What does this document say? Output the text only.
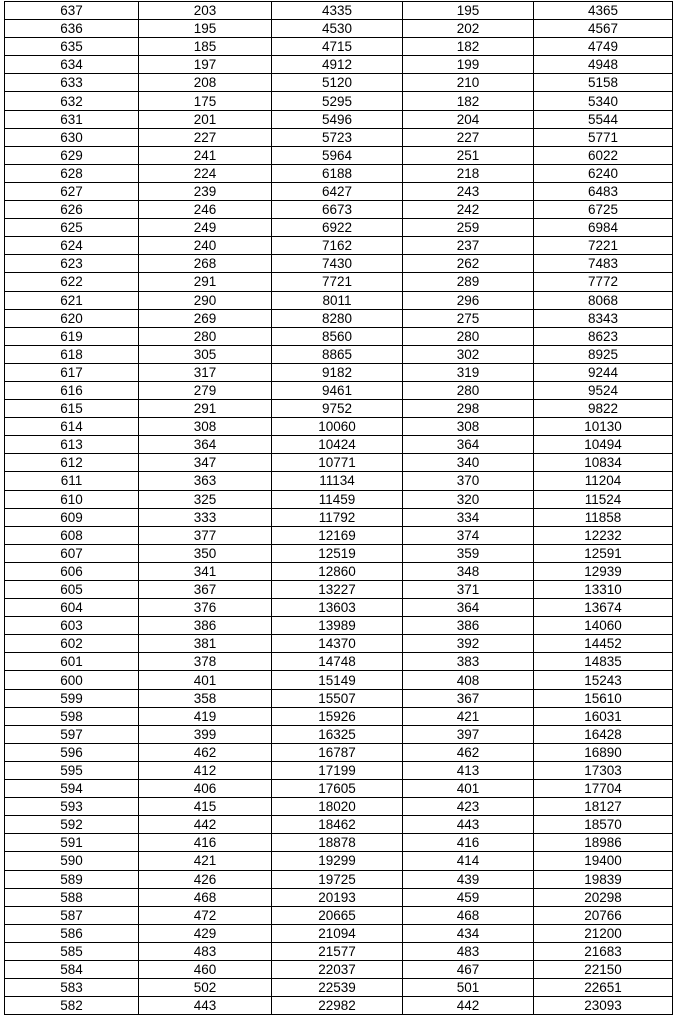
637	203	4335	195	4365
636	195	4530	202	4567
635	185	4715	182	4749
634	197	4912	199	4948
633	208	5120	210	5158
632	175	5295	182	5340
631	201	5496	204	5544
630	227	5723	227	5771
629	241	5964	251	6022
628	224	6188	218	6240
627	239	6427	243	6483
626	246	6673	242	6725
625	249	6922	259	6984
624	240	7162	237	7221
623	268	7430	262	7483
622	291	7721	289	7772
621	290	8011	296	8068
620	269	8280	275	8343
619	280	8560	280	8623
618	305	8865	302	8925
617	317	9182	319	9244
616	279	9461	280	9524
615	291	9752	298	9822
614	308	10060	308	10130
613	364	10424	364	10494
612	347	10771	340	10834
611	363	11134	370	11204
610	325	11459	320	11524
609	333	11792	334	11858
608	377	12169	374	12232
607	350	12519	359	12591
606	341	12860	348	12939
605	367	13227	371	13310
604	376	13603	364	13674
603	386	13989	386	14060
602	381	14370	392	14452
601	378	14748	383	14835
600	401	15149	408	15243
599	358	15507	367	15610
598	419	15926	421	16031
597	399	16325	397	16428
596	462	16787	462	16890
595	412	17199	413	17303
594	406	17605	401	17704
593	415	18020	423	18127
592	442	18462	443	18570
591	416	18878	416	18986
590	421	19299	414	19400
589	426	19725	439	19839
588	468	20193	459	20298
587	472	20665	468	20766
586	429	21094	434	21200
585	483	21577	483	21683
584	460	22037	467	22150
583	502	22539	501	22651
582	443	22982	442	23093
